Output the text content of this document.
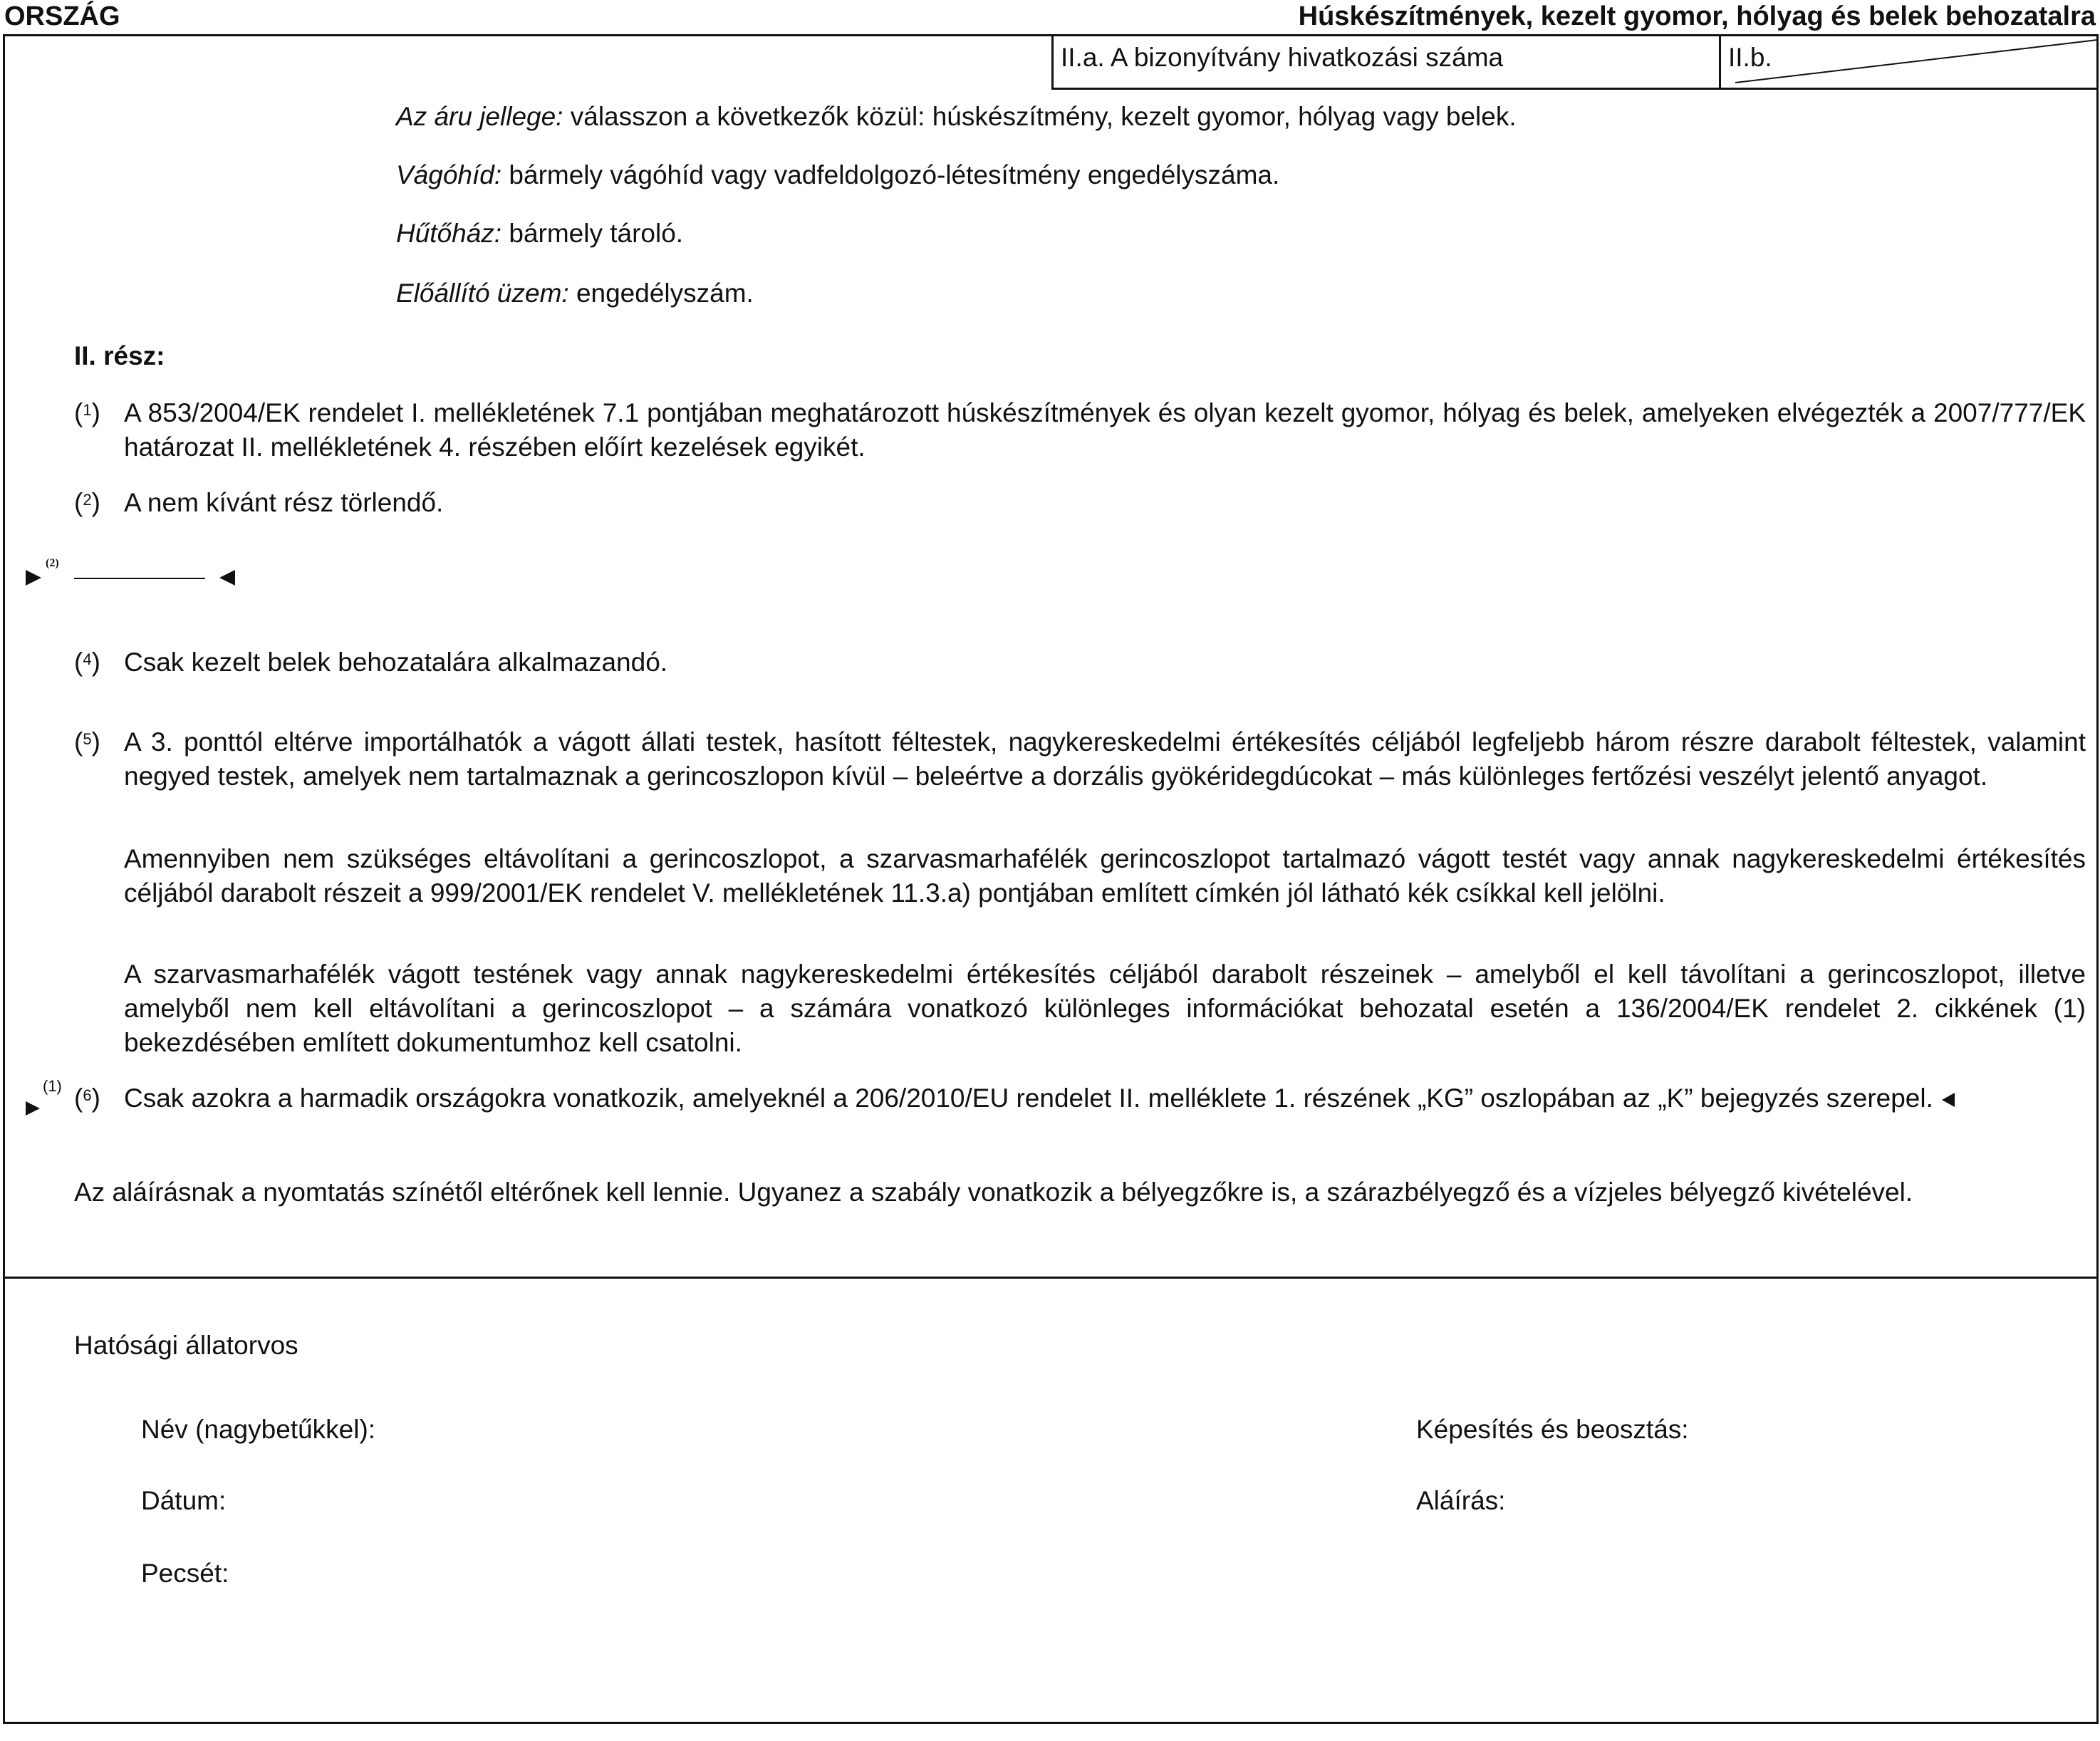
ORSZÁG	Húskészítmények, kezelt gyomor, hólyag és belek behozatalra
II.a. A bizonyítvány hivatkozási száma	II.b.
Az áru jellege: válasszon a következők közül: húskészítmény, kezelt gyomor, hólyag vagy belek.
Vágóhíd: bármely vágóhíd vagy vadfeldolgozó-létesítmény engedélyszáma.
Hűtőház: bármely tároló.
Előállító üzem: engedélyszám.
II. rész:
($^1$) A 853/2004/EK rendelet I. mellékletének 7.1 pontjában meghatározott húskészítmények és olyan kezelt gyomor, hólyag és belek, amelyeken elvégezték a 2007/777/EK határozat II. mellékletének 4. részében előírt kezelések egyikét.
($^2$) A nem kívánt rész törlendő.
(2)
($^4$) Csak kezelt belek behozatalára alkalmazandó.
($^5$) A 3. ponttól eltérve importálhatók a vágott állati testek, hasított féltestek, nagykereskedelmi értékesítés céljából legfeljebb három részre darabolt féltestek, valamint negyed testek, amelyek nem tartalmaznak a gerincoszlopon kívül – beleértve a dorzális gyökéridegdúcokat – más különleges fertőzési veszélyt jelentő anyagot.
Amennyiben nem szükséges eltávolítani a gerincoszlopot, a szarvasmarhafélék gerincoszlopot tartalmazó vágott testét vagy annak nagykereskedelmi értékesítés céljából darabolt részeit a 999/2001/EK rendelet V. mellékletének 11.3.a) pontjában említett címkén jól látható kék csíkkal kell jelölni.
A szarvasmarhafélék vágott testének vagy annak nagykereskedelmi értékesítés céljából darabolt részeinek – amelyből el kell távolítani a gerincoszlopot, illetve amelyből nem kell eltávolítani a gerincoszlopot – a számára vonatkozó különleges információkat behozatal esetén a 136/2004/EK rendelet 2. cikkének (1) bekezdésében említett dokumentumhoz kell csatolni.
(1) ($^6$) Csak azokra a harmadik országokra vonatkozik, amelyeknél a 206/2010/EU rendelet II. melléklete 1. részének „KG” oszlopában az „K” bejegyzés szerepel.
Az aláírásnak a nyomtatás színétől eltérőnek kell lennie. Ugyanez a szabály vonatkozik a bélyegzőkre is, a szárazbélyegző és a vízjeles bélyegző kivételével.
Hatósági állatorvos
Név (nagybetűkkel):	Képesítés és beosztás:
Dátum:	Aláírás:
Pecsét:
